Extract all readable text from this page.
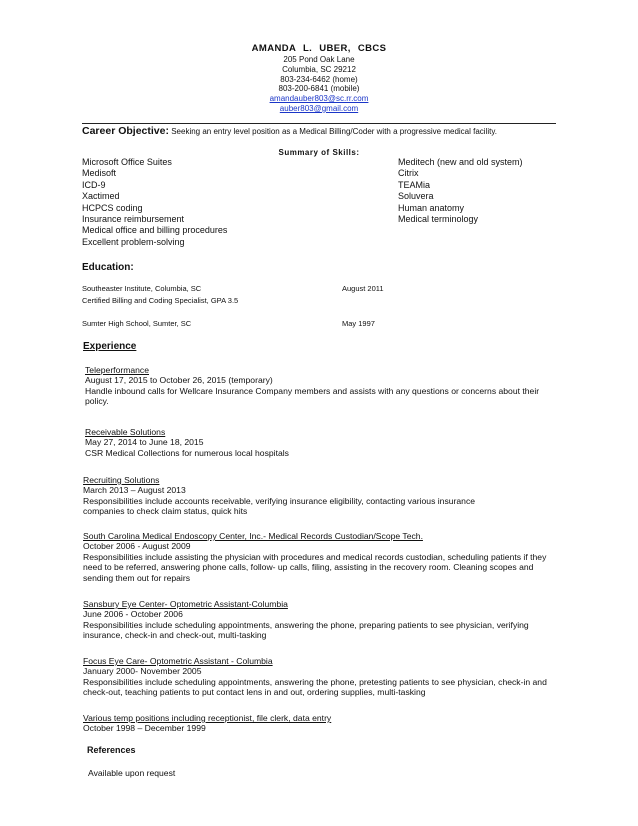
AMANDA L. UBER, CBCS
205 Pond Oak Lane
Columbia, SC 29212
803-234-6462 (home)
803-200-6841 (mobile)
amandauber803@sc.rr.com
auber803@gmail.com
Career Objective: Seeking an entry level position as a Medical Billing/Coder with a progressive medical facility.
Summary of Skills:
Microsoft Office Suites
Medisoft
ICD-9
Xactimed
HCPCS coding
Insurance reimbursement
Medical office and billing procedures
Excellent problem-solving
Meditech (new and old system)
Citrix
TEAMia
Soluvera
Human anatomy
Medical terminology
Education:
Southeaster Institute, Columbia, SC	August 2011
Certified Billing and Coding Specialist, GPA 3.5
Sumter High School, Sumter, SC	May 1997
Experience
Teleperformance
August 17, 2015 to October 26, 2015 (temporary)
Handle inbound calls for Wellcare Insurance Company members and assists with any questions or concerns about their policy.
Receivable Solutions
May 27, 2014 to June 18, 2015
CSR Medical Collections for numerous local hospitals
Recruiting Solutions
March 2013 – August 2013
Responsibilities include accounts receivable, verifying insurance eligibility, contacting various insurance companies to check claim status, quick hits
South Carolina Medical Endoscopy Center, Inc.- Medical Records Custodian/Scope Tech.
October 2006 - August 2009
Responsibilities include assisting the physician with procedures and medical records custodian, scheduling patients if they need to be referred, answering phone calls, follow- up calls, filing, assisting in the recovery room. Cleaning scopes and sending them out for repairs
Sansbury Eye Center- Optometric Assistant-Columbia
June 2006 - October 2006
Responsibilities include scheduling appointments, answering the phone, preparing patients to see physician, verifying insurance, check-in and check-out, multi-tasking
Focus Eye Care- Optometric Assistant - Columbia
January 2000- November 2005
Responsibilities include scheduling appointments, answering the phone, pretesting patients to see physician, check-in and check-out, teaching patients to put contact lens in and out, ordering supplies, multi-tasking
Various temp positions including receptionist, file clerk, data entry
October 1998 – December 1999
References
Available upon request
